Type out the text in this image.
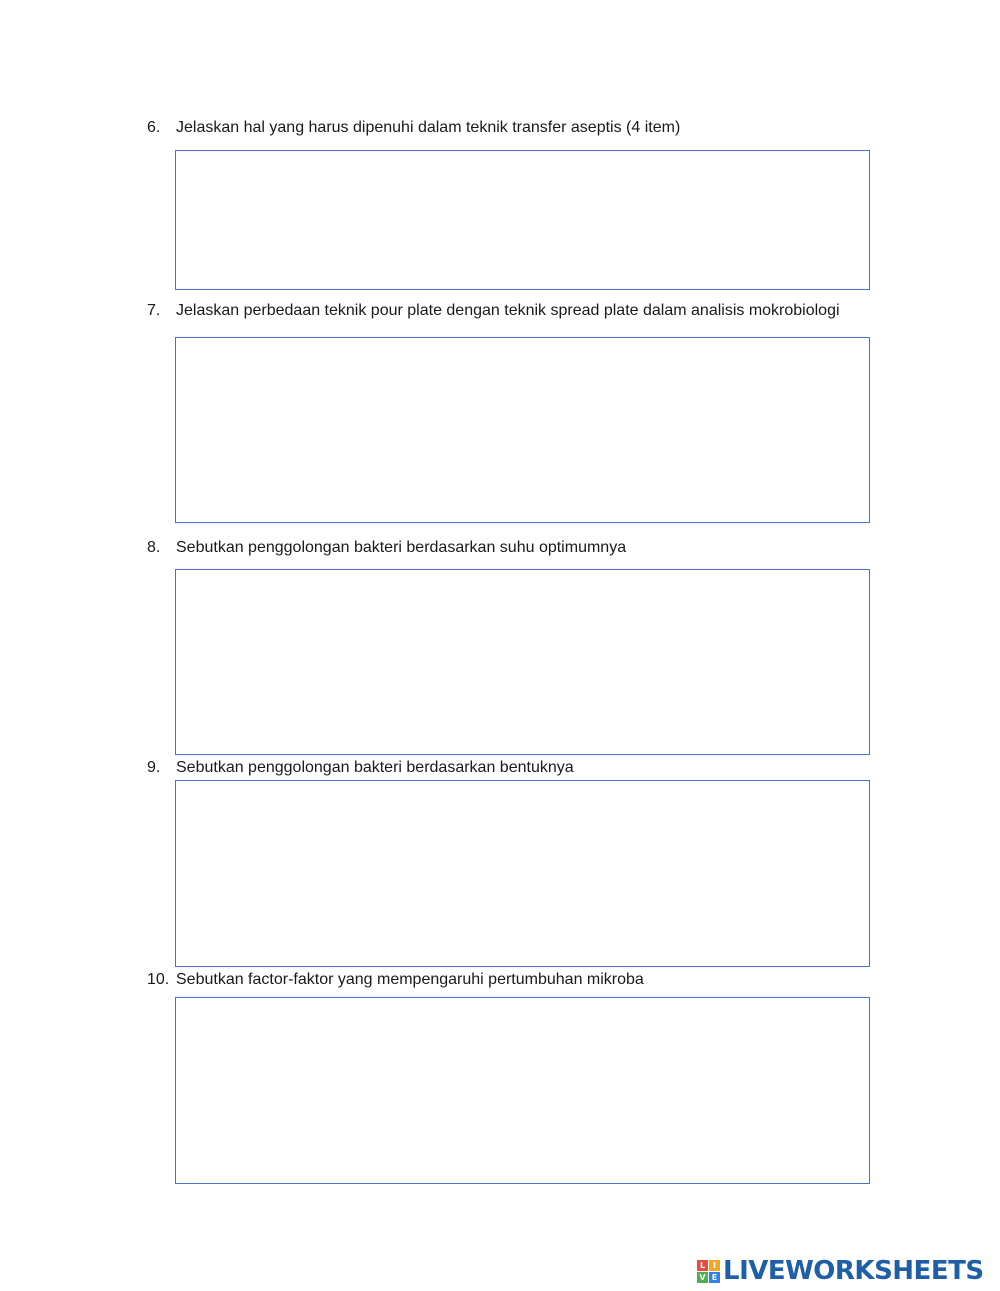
6. Jelaskan hal yang harus dipenuhi dalam teknik transfer aseptis (4 item)
7. Jelaskan perbedaan teknik pour plate dengan teknik spread plate dalam analisis mokrobiologi
8. Sebutkan penggolongan bakteri berdasarkan suhu optimumnya
9. Sebutkan penggolongan bakteri berdasarkan bentuknya
10. Sebutkan factor-faktor yang mempengaruhi pertumbuhan mikroba
L I
V E LIVEWORKSHEETS
